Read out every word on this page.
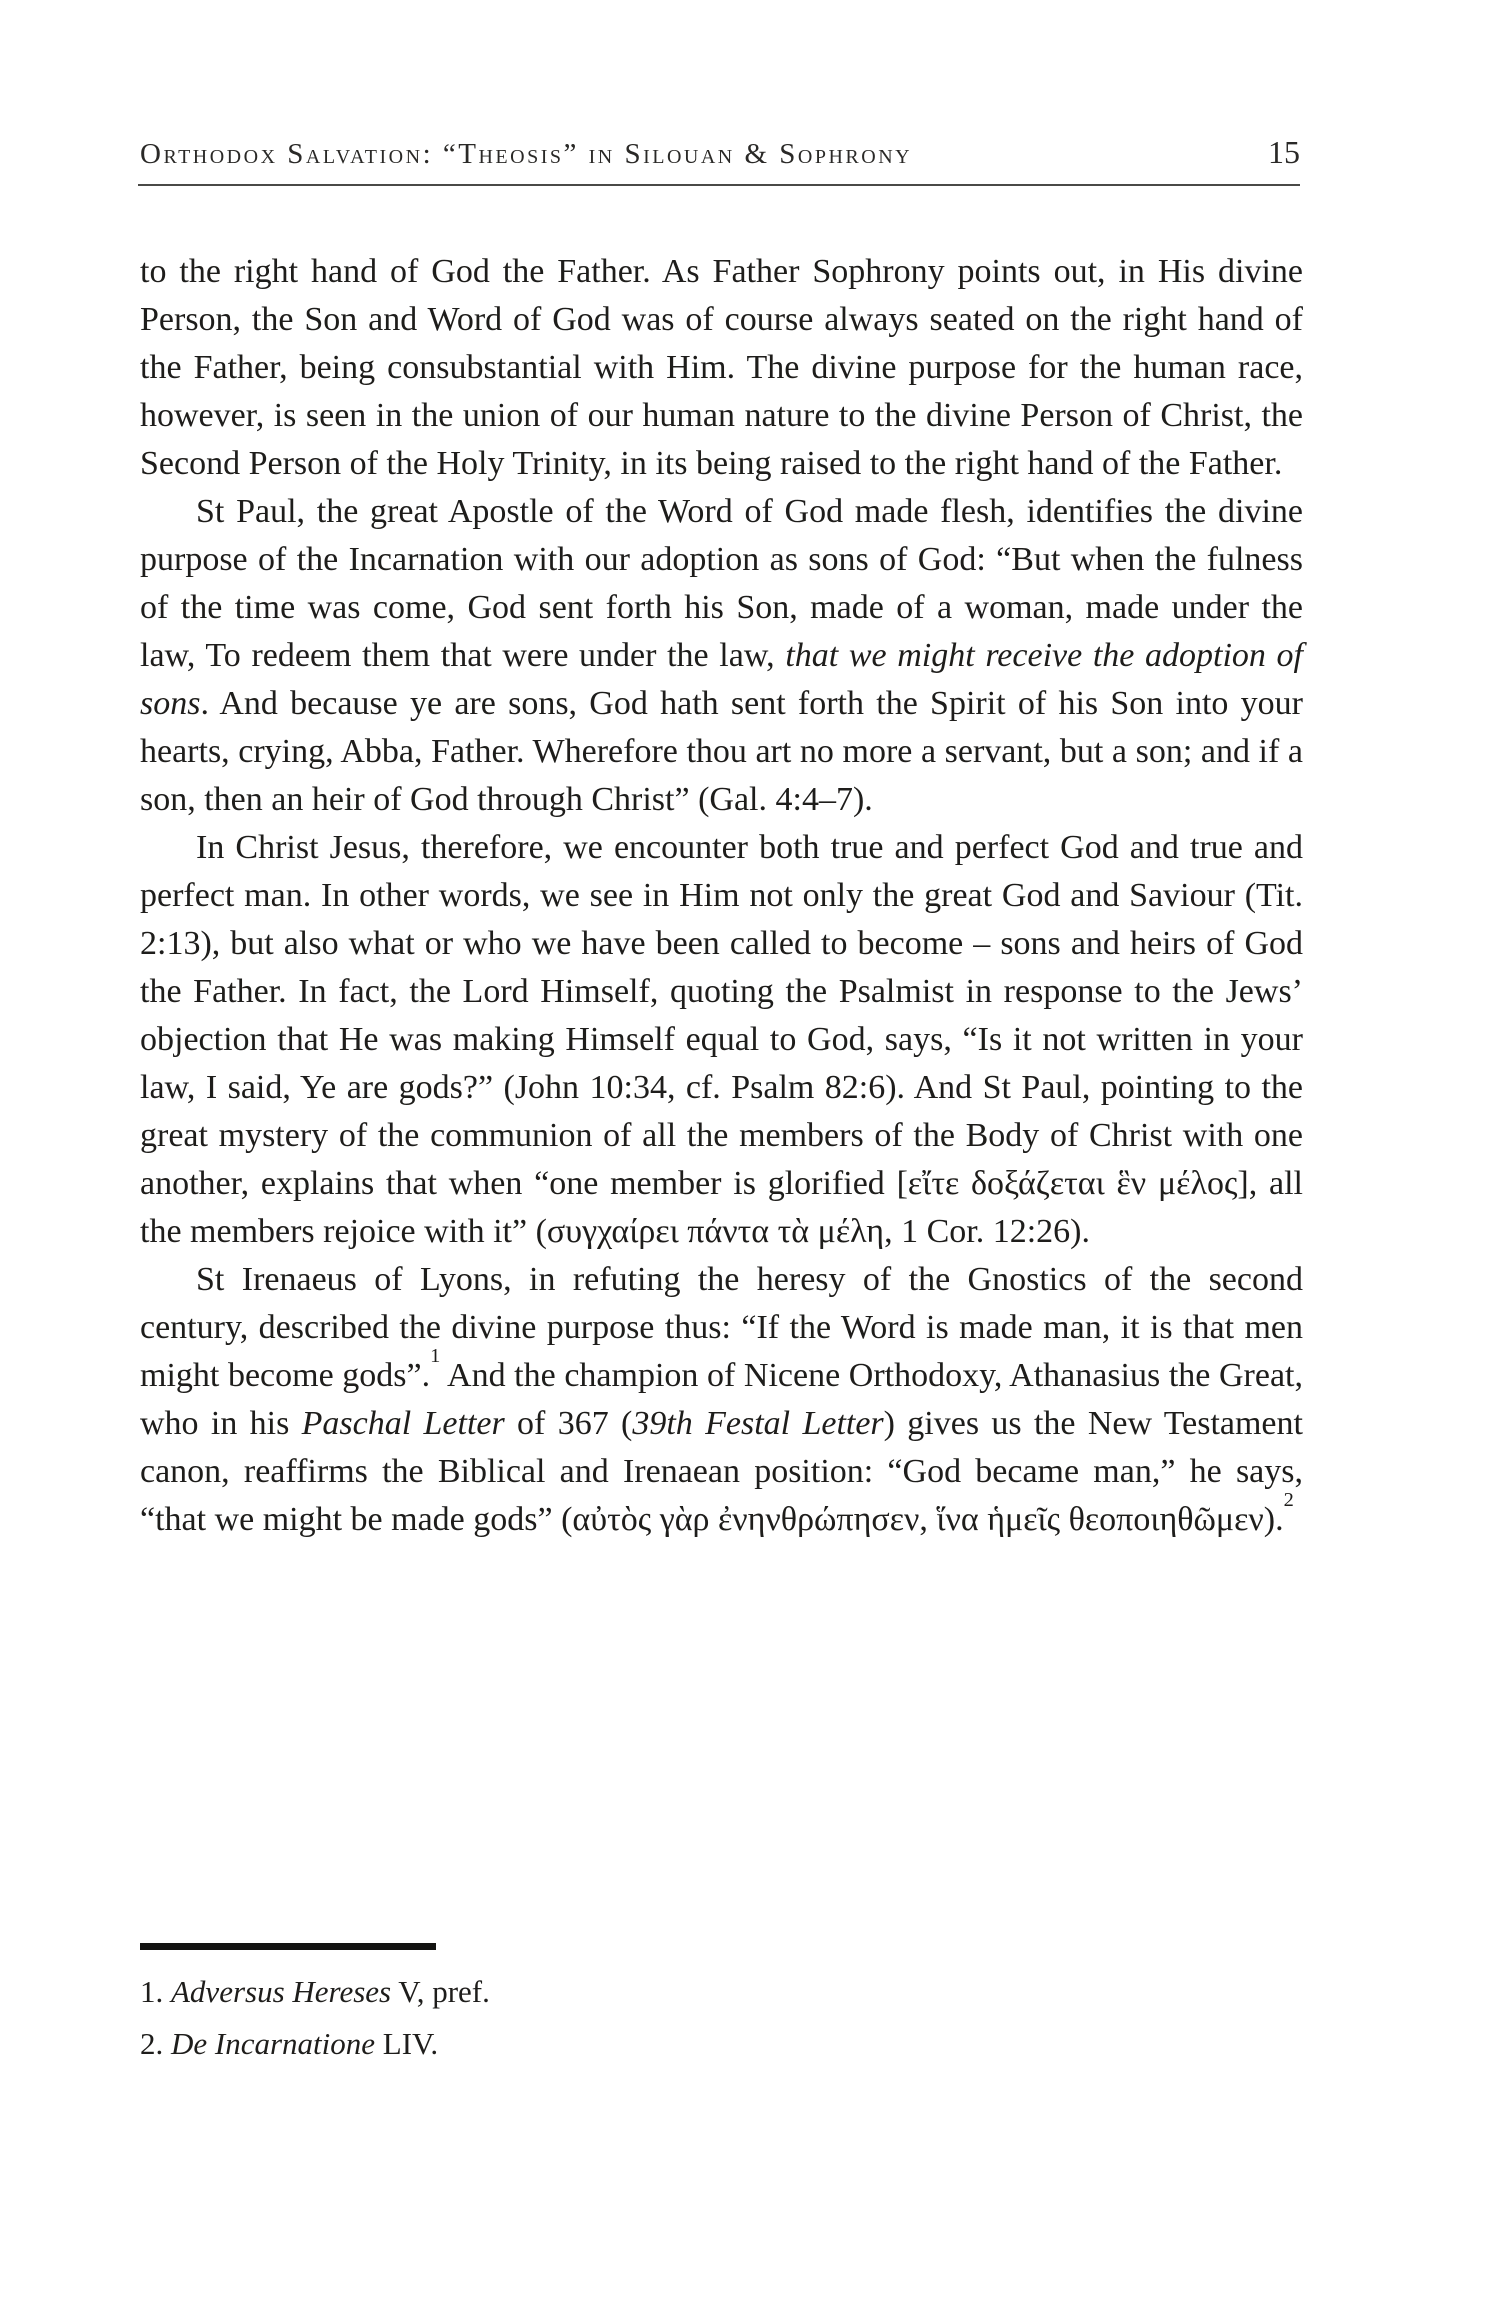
Orthodox Salvation: “Theosis” in Silouan & Sophrony	15

to the right hand of God the Father. As Father Sophrony points out, in His divine Person, the Son and Word of God was of course always seated on the right hand of the Father, being consubstantial with Him. The divine purpose for the human race, however, is seen in the union of our human nature to the divine Person of Christ, the Second Person of the Holy Trinity, in its being raised to the right hand of the Father.

St Paul, the great Apostle of the Word of God made flesh, identifies the divine purpose of the Incarnation with our adoption as sons of God: “But when the fulness of the time was come, God sent forth his Son, made of a woman, made under the law, To redeem them that were under the law, that we might receive the adoption of sons. And because ye are sons, God hath sent forth the Spirit of his Son into your hearts, crying, Abba, Father. Wherefore thou art no more a servant, but a son; and if a son, then an heir of God through Christ” (Gal. 4:4–7).

In Christ Jesus, therefore, we encounter both true and perfect God and true and perfect man. In other words, we see in Him not only the great God and Saviour (Tit. 2:13), but also what or who we have been called to become – sons and heirs of God the Father. In fact, the Lord Himself, quoting the Psalmist in response to the Jews’ objection that He was making Himself equal to God, says, “Is it not written in your law, I said, Ye are gods?” (John 10:34, cf. Psalm 82:6). And St Paul, pointing to the great mystery of the communion of all the members of the Body of Christ with one another, explains that when “one member is glorified [εἴτε δοξάζεται ἓν μέλος], all the members rejoice with it” (συγχαίρει πάντα τὰ μέλη, 1 Cor. 12:26).

St Irenaeus of Lyons, in refuting the heresy of the Gnostics of the second century, described the divine purpose thus: “If the Word is made man, it is that men might become gods”.$^1$ And the champion of Nicene Orthodoxy, Athanasius the Great, who in his Paschal Letter of 367 (39th Festal Letter) gives us the New Testament canon, reaffirms the Biblical and Irenaean position: “God became man,” he says, “that we might be made gods” (αὐτὸς γὰρ ἐνηνθρώπησεν, ἵνα ἡμεῖς θεοποιηθῶμεν).$^2$

1. Adversus Hereses V, pref.

2. De Incarnatione LIV.
